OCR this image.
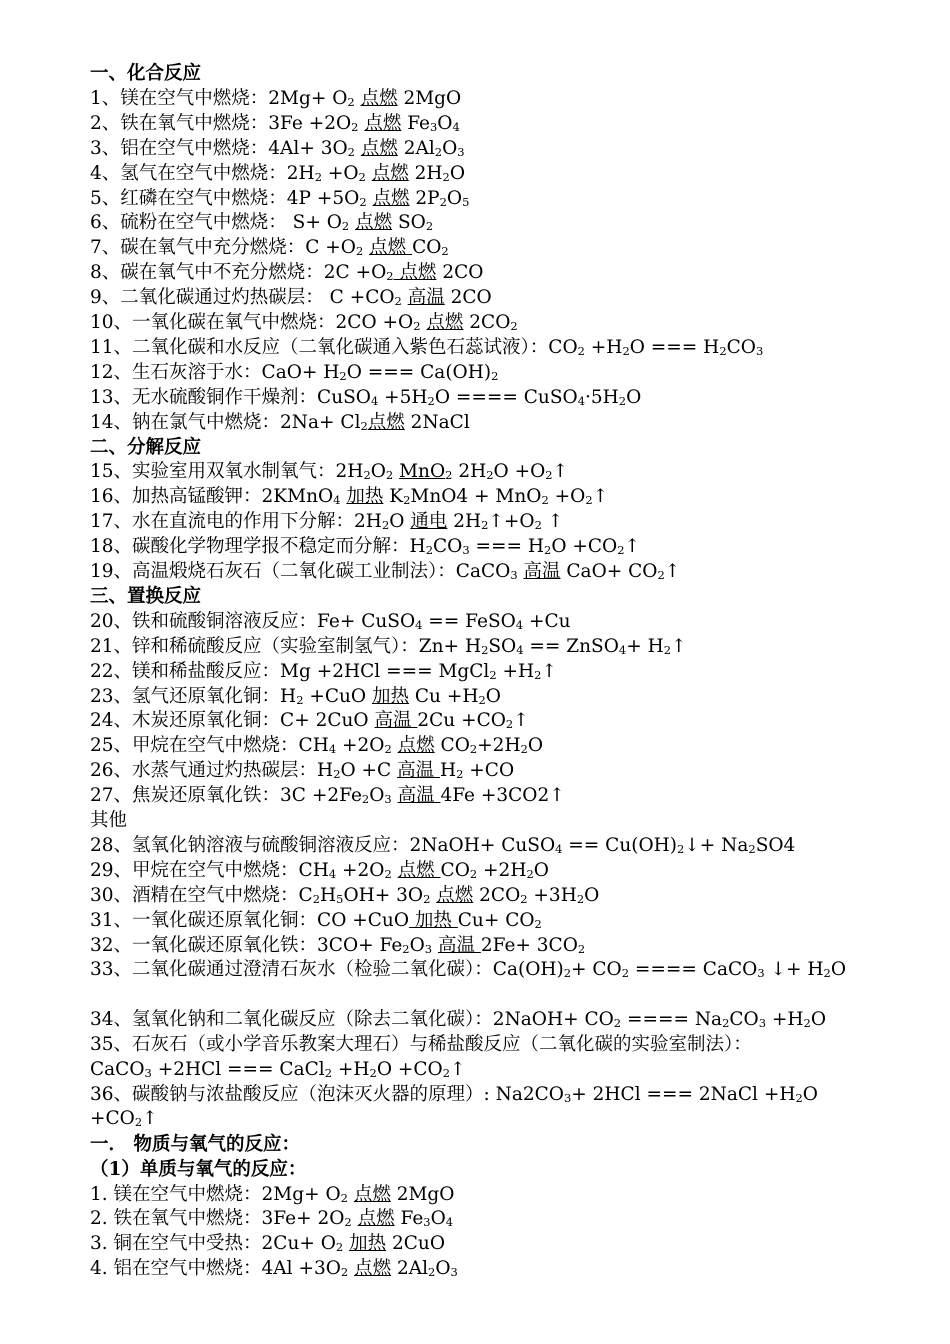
一、化合反应
1、镁在空气中燃烧：$2Mg+ O_2$ 点燃 2MgO
2、铁在氧气中燃烧：$3Fe +2O_2$ 点燃 $Fe_3O_4$
3、铝在空气中燃烧：$4Al+ 3O_2$ 点燃 $2Al_2O_3$
4、氢气在空气中燃烧：$2H_2 +O_2$ 点燃 $2H_2O$
5、红磷在空气中燃烧：$4P +5O_2$ 点燃 $2P_2O_5$
6、硫粉在空气中燃烧： $S+ O_2$ 点燃 $SO_2$
7、碳在氧气中充分燃烧：$C +O_2$ 点燃 $CO_2$
8、碳在氧气中不充分燃烧：$2C +O_2$ 点燃 2CO
9、二氧化碳通过灼热碳层： $C +CO_2$ 高温 2CO
10、一氧化碳在氧气中燃烧：$2CO +O_2$ 点燃 $2CO_2$
11、二氧化碳和水反应（二氧化碳通入紫色石蕊试液）：$CO_2 +H_2O$ === $H_2CO_3$
12、生石灰溶于水：$CaO+ H_2O$ === $Ca(OH)_2$
13、无水硫酸铜作干燥剂：CuSO$_4$ $+5H_2O$ ==== $CuSO_4\cdot 5H_2O$
14、钠在氯气中燃烧：$2Na+ Cl_2$点燃 2NaCl
二、分解反应
15、实验室用双氧水制氧气：$2H_2O_2$ MnO$_2$ $2H_2O$ $+O_2↑$
16、加热高锰酸钾：2KMnO$_4$ 加热 $K_2MnO4 + MnO_2$ $+O_2↑$
17、水在直流电的作用下分解：$2H_2O$ 通电 $2H_2↑+O_2$ ↑
18、碳酸化学物理学报不稳定而分解：$H_2CO_3$ === $H_2O$ $+CO_2↑$
19、高温煅烧石灰石（二氧化碳工业制法）：CaCO$_3$ 高温 $CaO+ CO_2↑$
三、置换反应
20、铁和硫酸铜溶液反应：Fe+ CuSO$_4$ == FeSO$_4$ +Cu
21、锌和稀硫酸反应（实验室制氢气）：$Zn+ H_2SO_4$ == ZnSO$_4$+ $H_2↑$
22、镁和稀盐酸反应：Mg +2HCl === MgCl$_2$ $+H_2↑$
23、氢气还原氧化铜：$H_2 +CuO$ 加热 $Cu +H_2O$
24、木炭还原氧化铜：C+ 2CuO 高温 $2Cu +CO_2↑$
25、甲烷在空气中燃烧：$CH_4 +2O_2$ 点燃 $CO_2+2H_2O$
26、水蒸气通过灼热碳层：$H_2O +C$ 高温 $H_2 +CO$
27、焦炭还原氧化铁：$3C +2Fe_2O_3$ 高温 4Fe +3CO2↑
其他
28、氢氧化钠溶液与硫酸铜溶液反应：2NaOH+ CuSO$_4$ == $Cu(OH)_2↓+ Na_2SO4$
29、甲烷在空气中燃烧：$CH_4 +2O_2$ 点燃 $CO_2 +2H_2O$
30、酒精在空气中燃烧：$C_2H_5OH+ 3O_2$ 点燃 $2CO_2 +3H_2O$
31、一氧化碳还原氧化铜：CO +CuO 加热 $Cu+ CO_2$
32、一氧化碳还原氧化铁：$3CO+ Fe_2O_3$ 高温 $2Fe+ 3CO_2$
33、二氧化碳通过澄清石灰水（检验二氧化碳）：$Ca(OH)_2+ CO_2$ ==== CaCO$_3$ ↓+ $H_2O$
34、氢氧化钠和二氧化碳反应（除去二氧化碳）：2NaOH+ $CO_2$ ==== $Na_2CO_3 +H_2O$
35、石灰石（或小学音乐教案大理石）与稀盐酸反应（二氧化碳的实验室制法）：
CaCO$_3$ +2HCl === CaCl$_2$ $+H_2O$ $+CO_2↑$
36、碳酸钠与浓盐酸反应（泡沫灭火器的原理）: $Na2CO_3+ 2HCl$ === 2NaCl $+H_2O$ $+CO_2↑$
一． 物质与氧气的反应：
（1）单质与氧气的反应：
1. 镁在空气中燃烧：$2Mg+ O_2$ 点燃 2MgO
2. 铁在氧气中燃烧：$3Fe+ 2O_2$ 点燃 $Fe_3O_4$
3. 铜在空气中受热：$2Cu+ O_2$ 加热 2CuO
4. 铝在空气中燃烧：$4Al +3O_2$ 点燃 $2Al_2O_3$
